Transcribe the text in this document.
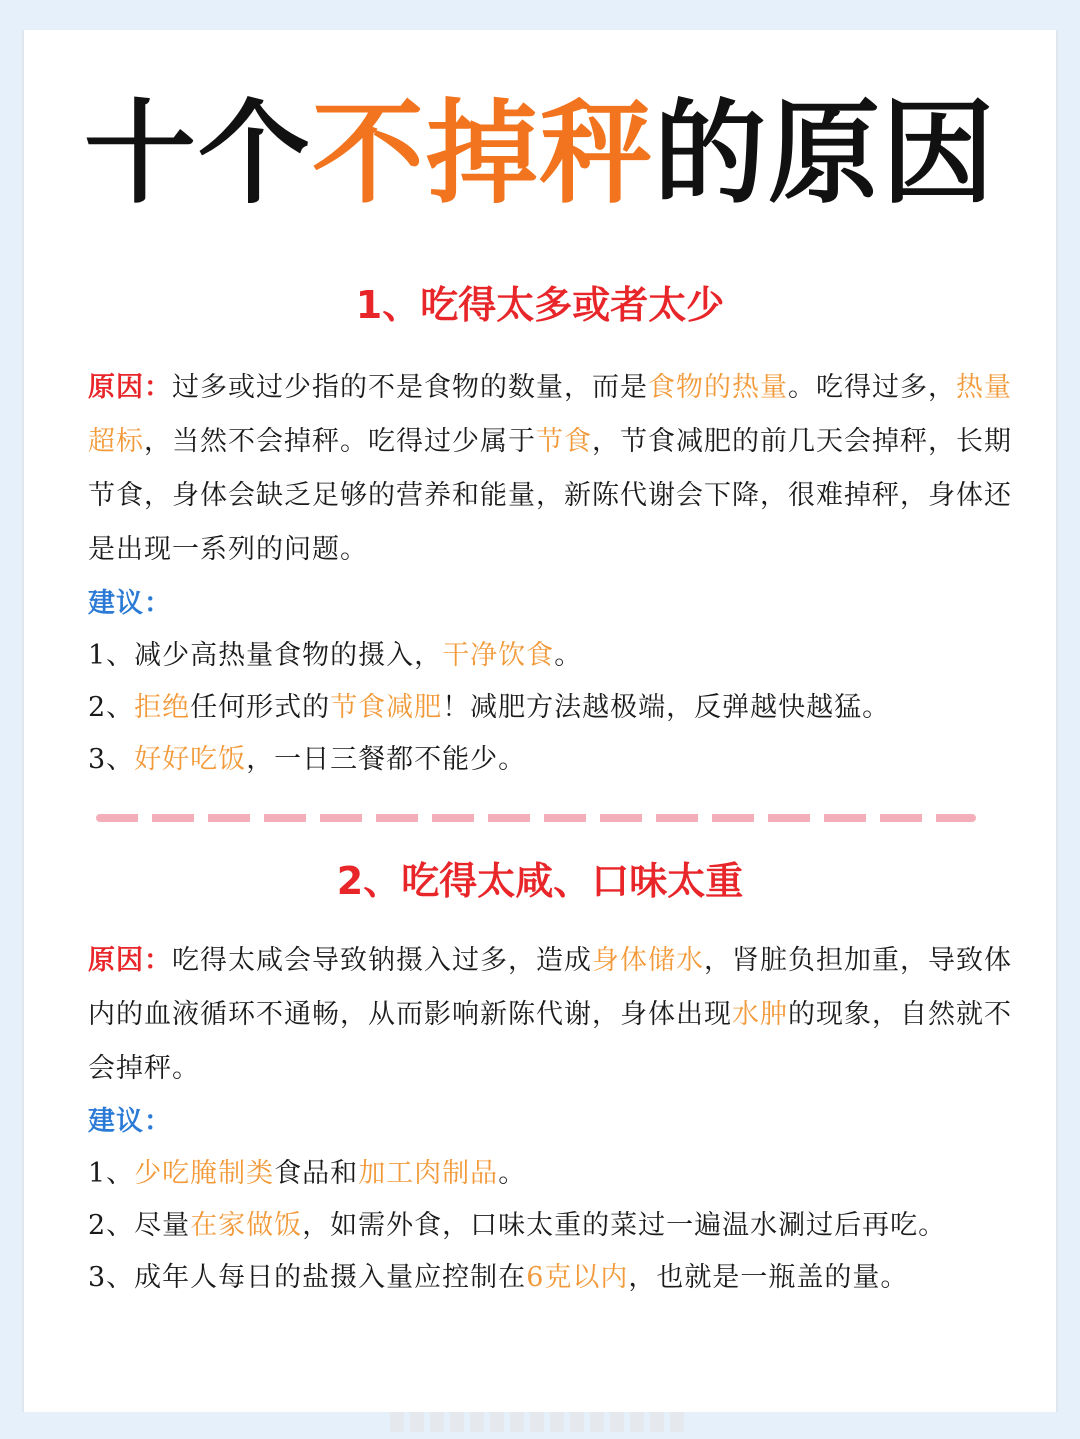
十个不掉秤的原因
1、吃得太多或者太少
原因：过多或过少指的不是食物的数量，而是食物的热量。吃得过多，热量超标，当然不会掉秤。吃得过少属于节食，节食减肥的前几天会掉秤，长期节食，身体会缺乏足够的营养和能量，新陈代谢会下降，很难掉秤，身体还是出现一系列的问题。
建议：
1、减少高热量食物的摄入，干净饮食。
2、拒绝任何形式的节食减肥！减肥方法越极端，反弹越快越猛。
3、好好吃饭，一日三餐都不能少。
2、吃得太咸、口味太重
原因：吃得太咸会导致钠摄入过多，造成身体储水，肾脏负担加重，导致体内的血液循环不通畅，从而影响新陈代谢，身体出现水肿的现象，自然就不会掉秤。
建议：
1、少吃腌制类食品和加工肉制品。
2、尽量在家做饭，如需外食，口味太重的菜过一遍温水涮过后再吃。
3、成年人每日的盐摄入量应控制在6克以内，也就是一瓶盖的量。
